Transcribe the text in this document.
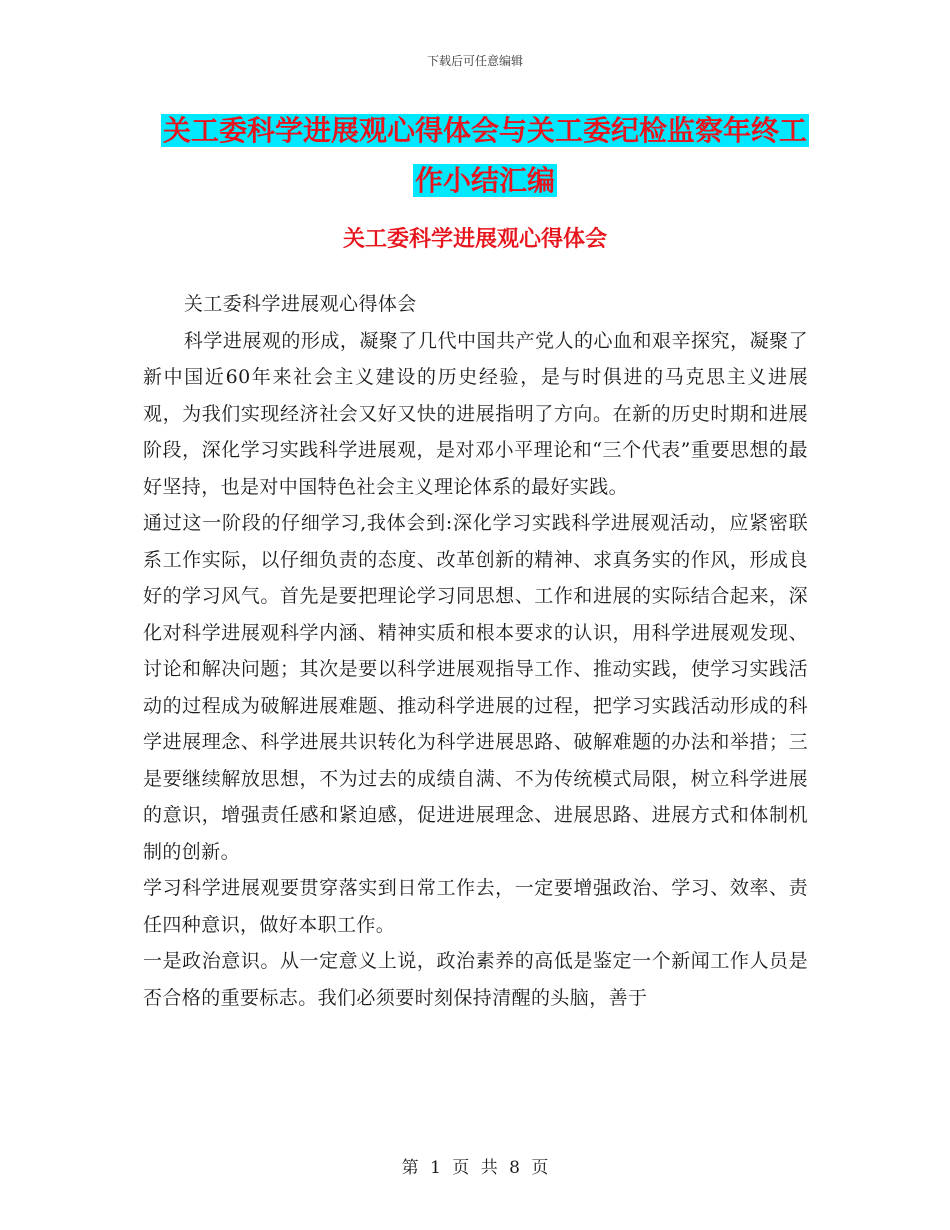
下载后可任意编辑
关工委科学进展观心得体会与关工委纪检监察年终工
作小结汇编
关工委科学进展观心得体会

关工委科学进展观心得体会

科学进展观的形成，凝聚了几代中国共产党人的心血和艰辛探究，凝聚了新中国近60年来社会主义建设的历史经验，是与时俱进的马克思主义进展观，为我们实现经济社会又好又快的进展指明了方向。在新的历史时期和进展阶段，深化学习实践科学进展观，是对邓小平理论和“三个代表”重要思想的最好坚持，也是对中国特色社会主义理论体系的最好实践。

通过这一阶段的仔细学习,我体会到:深化学习实践科学进展观活动，应紧密联系工作实际，以仔细负责的态度、改革创新的精神、求真务实的作风，形成良好的学习风气。首先是要把理论学习同思想、工作和进展的实际结合起来，深化对科学进展观科学内涵、精神实质和根本要求的认识，用科学进展观发现、讨论和解决问题；其次是要以科学进展观指导工作、推动实践，使学习实践活动的过程成为破解进展难题、推动科学进展的过程，把学习实践活动形成的科学进展理念、科学进展共识转化为科学进展思路、破解难题的办法和举措；三是要继续解放思想，不为过去的成绩自满、不为传统模式局限，树立科学进展的意识，增强责任感和紧迫感，促进进展理念、进展思路、进展方式和体制机制的创新。

学习科学进展观要贯穿落实到日常工作去，一定要增强政治、学习、效率、责任四种意识，做好本职工作。

一是政治意识。从一定意义上说，政治素养的高低是鉴定一个新闻工作人员是否合格的重要标志。我们必须要时刻保持清醒的头脑，善于

第 1 页 共 8 页
